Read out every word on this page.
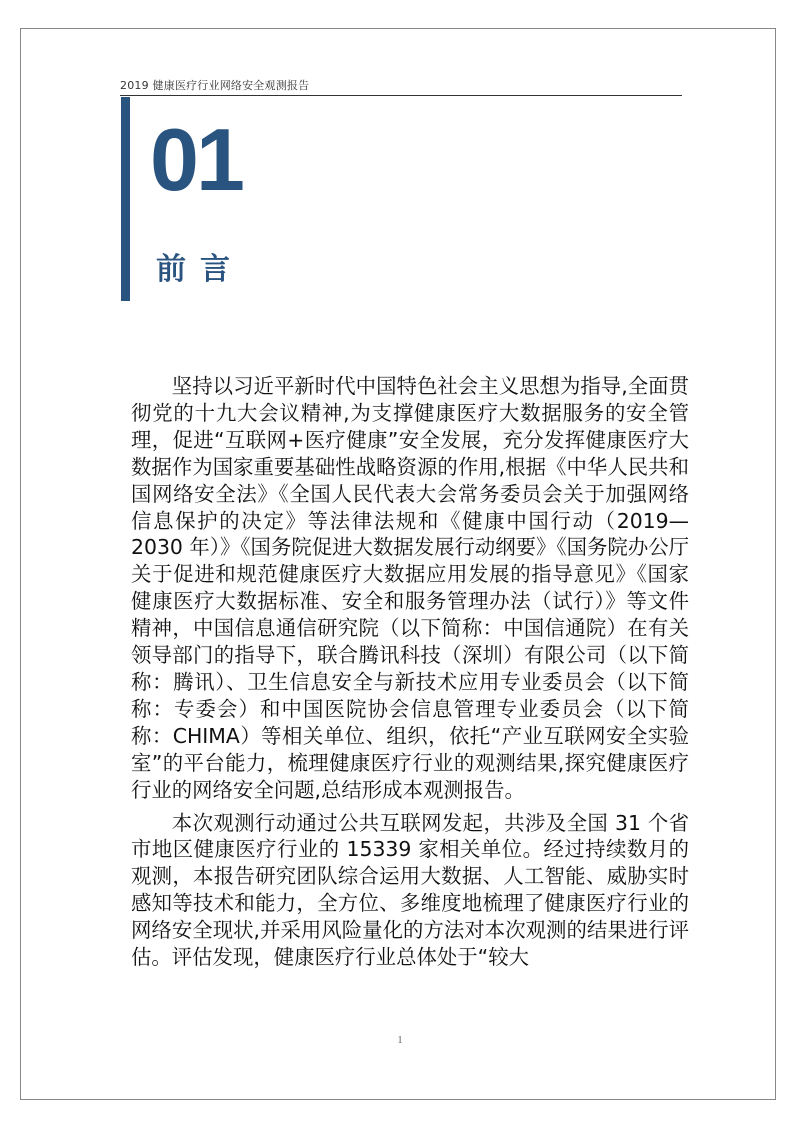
2019 健康医疗行业网络安全观测报告
01
前言

坚持以习近平新时代中国特色社会主义思想为指导,全面贯彻党的十九大会议精神,为支撑健康医疗大数据服务的安全管理，促进“互联网+医疗健康”安全发展，充分发挥健康医疗大数据作为国家重要基础性战略资源的作用,根据《中华人民共和国网络安全法》《全国人民代表大会常务委员会关于加强网络信息保护的决定》等法律法规和《健康中国行动（2019—2030 年）》《国务院促进大数据发展行动纲要》《国务院办公厅关于促进和规范健康医疗大数据应用发展的指导意见》《国家健康医疗大数据标准、安全和服务管理办法（试行）》等文件精神，中国信息通信研究院（以下简称：中国信通院）在有关领导部门的指导下，联合腾讯科技（深圳）有限公司（以下简称：腾讯）、卫生信息安全与新技术应用专业委员会（以下简称：专委会）和中国医院协会信息管理专业委员会（以下简称：CHIMA）等相关单位、组织，依托“产业互联网安全实验室”的平台能力，梳理健康医疗行业的观测结果,探究健康医疗行业的网络安全问题,总结形成本观测报告。

本次观测行动通过公共互联网发起，共涉及全国 31 个省市地区健康医疗行业的 15339 家相关单位。经过持续数月的观测，本报告研究团队综合运用大数据、人工智能、威胁实时感知等技术和能力，全方位、多维度地梳理了健康医疗行业的网络安全现状,并采用风险量化的方法对本次观测的结果进行评估。评估发现，健康医疗行业总体处于“较大

1
